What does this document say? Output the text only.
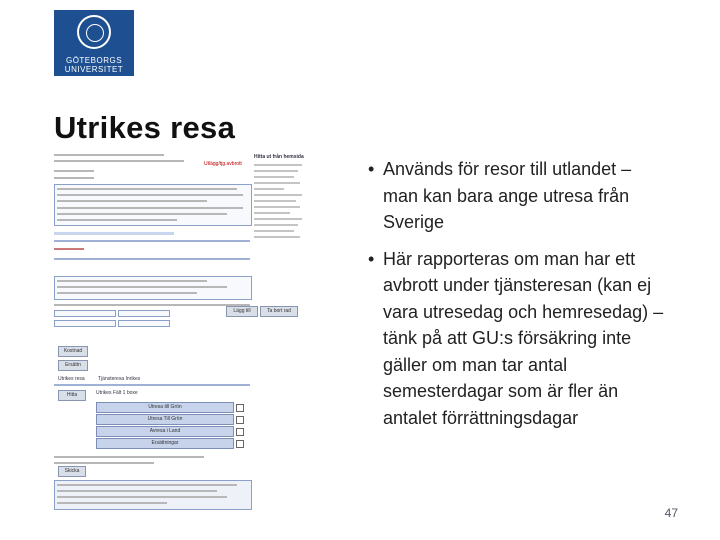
GÖTEBORGS
UNIVERSITET
Utrikes resa
Utlägg/tjg.avbrott
Lägg till	Ta bort rad
Kostnad
Ersättn
Utrikes resa	Tjänsteresa Inrikes
Hitta	Utrikes Fält 1 boxe
Utresa till Grön
Utresa Till Grön
Avresa i Land
Ersättningar
Skicka
Hitta ut från hemsida
• Används för resor till utlandet – man kan bara ange utresa från Sverige
• Här rapporteras om man har ett avbrott under tjänsteresan (kan ej vara utresedag och hemresedag) – tänk på att GU:s försäkring inte gäller om man tar antal semesterdagar som är fler än antalet förrättningsdagar
47
